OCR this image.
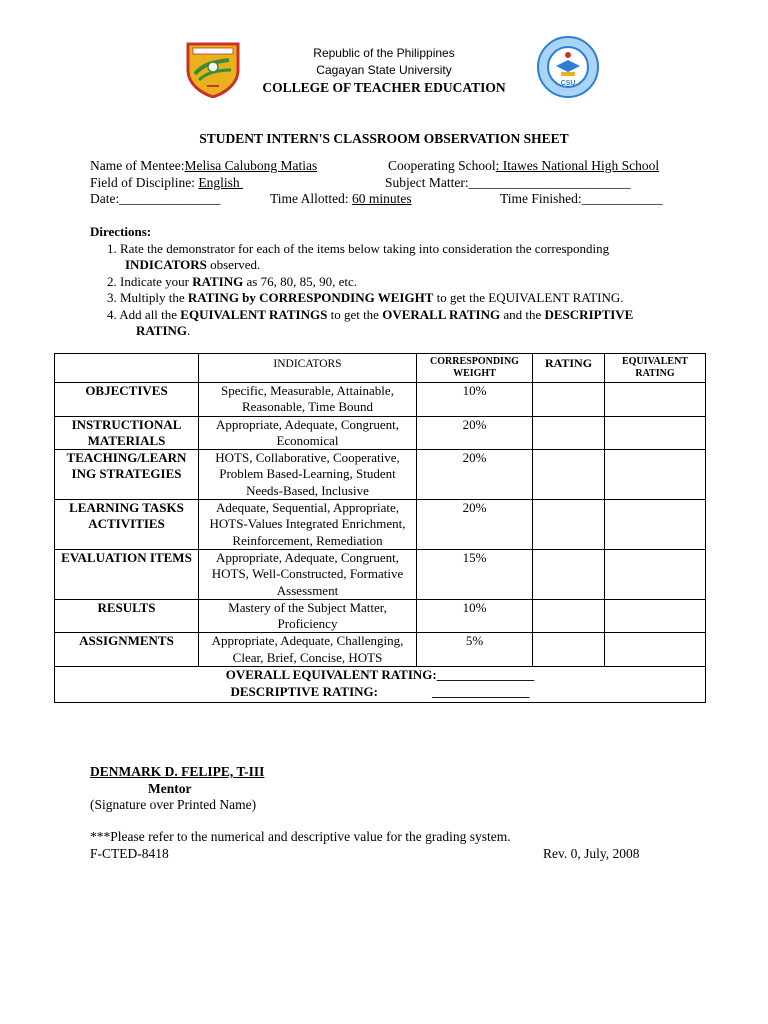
CSU
Republic of the Philippines
Cagayan State University
COLLEGE OF TEACHER EDUCATION
STUDENT INTERN'S CLASSROOM OBSERVATION SHEET
Name of Mentee:Melisa Calubong Matias	Cooperating School: Itawes National High School
Field of Discipline: English	Subject Matter:________________________
Date:_______________	Time Allotted: 60 minutes	Time Finished:____________
Directions:
1. Rate the demonstrator for each of the items below taking into consideration the corresponding
INDICATORS observed.
2. Indicate your RATING as 76, 80, 85, 90, etc.
3. Multiply the RATING by CORRESPONDING WEIGHT to get the EQUIVALENT RATING.
4. Add all the EQUIVALENT RATINGS to get the OVERALL RATING and the DESCRIPTIVE
RATING.
	INDICATORS	CORRESPONDING WEIGHT	RATING	EQUIVALENT RATING
OBJECTIVES	Specific, Measurable, Attainable, Reasonable, Time Bound	10%		
INSTRUCTIONAL MATERIALS	Appropriate, Adequate, Congruent, Economical	20%		
TEACHING/LEARN ING STRATEGIES	HOTS, Collaborative, Cooperative, Problem Based-Learning, Student Needs-Based, Inclusive	20%		
LEARNING TASKS ACTIVITIES	Adequate, Sequential, Appropriate, HOTS-Values Integrated Enrichment, Reinforcement, Remediation	20%		
EVALUATION ITEMS	Appropriate, Adequate, Congruent, HOTS, Well-Constructed, Formative Assessment	15%		
RESULTS	Mastery of the Subject Matter, Proficiency	10%		
ASSIGNMENTS	Appropriate, Adequate, Challenging, Clear, Brief, Concise, HOTS	5%		

OVERALL EQUIVALENT RATING:_______________
DESCRIPTIVE RATING: _______________				
DENMARK D. FELIPE, T-III
Mentor
(Signature over Printed Name)
***Please refer to the numerical and descriptive value for the grading system.
F-CTED-8418	Rev. 0, July, 2008
